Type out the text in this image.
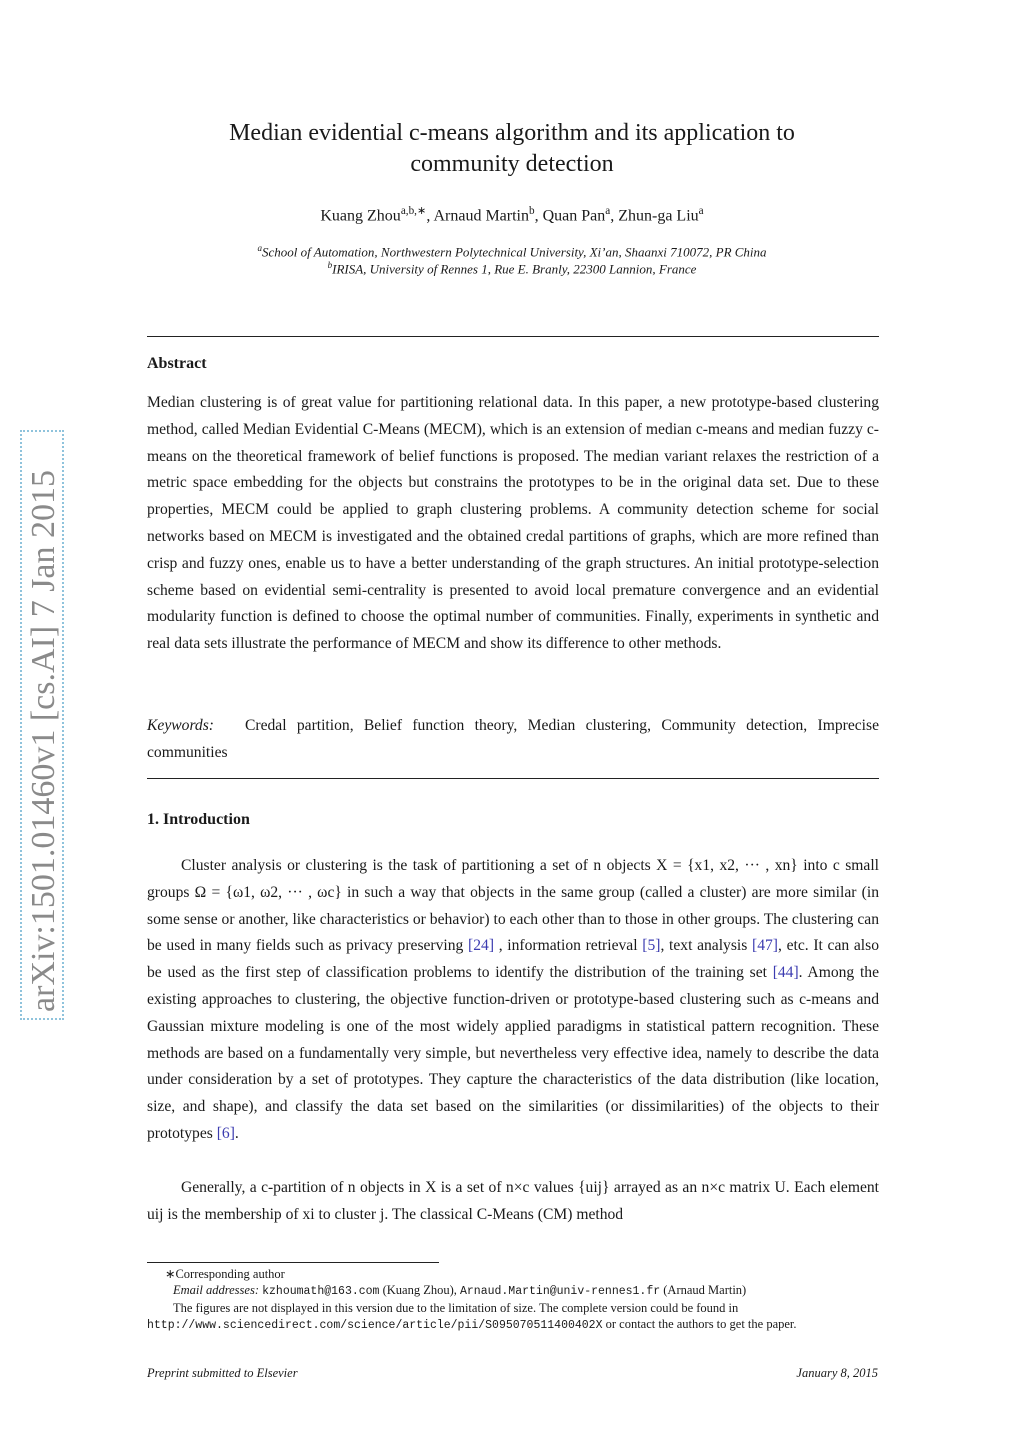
arXiv:1501.01460v1 [cs.AI] 7 Jan 2015

Median evidential c-means algorithm and its application to

community detection

Kuang Zhou$^{a,b,∗}$, Arnaud Martin$^b$, Quan Pan$^a$, Zhun-ga Liu$^a$
$^a$School of Automation, Northwestern Polytechnical University, Xi’an, Shaanxi 710072, PR China
$^b$IRISA, University of Rennes 1, Rue E. Branly, 22300 Lannion, France
Abstract

Median clustering is of great value for partitioning relational data. In this paper, a new prototype-based clustering method, called Median Evidential C-Means (MECM), which is an extension of median c-means and median fuzzy c-means on the theoretical framework of belief functions is proposed. The median variant relaxes the restriction of a metric space embedding for the objects but constrains the prototypes to be in the original data set. Due to these properties, MECM could be applied to graph clustering problems. A community detection scheme for social networks based on MECM is investigated and the obtained credal partitions of graphs, which are more refined than crisp and fuzzy ones, enable us to have a better understanding of the graph structures. An initial prototype-selection scheme based on evidential semi-centrality is presented to avoid local premature convergence and an evidential modularity function is defined to choose the optimal number of communities. Finally, experiments in synthetic and real data sets illustrate the performance of MECM and show its difference to other methods.

Keywords: Credal partition, Belief function theory, Median clustering, Community detection, Imprecise communities

1. Introduction

Cluster analysis or clustering is the task of partitioning a set of n objects X = {x1, x2, ··· , xn} into c small groups Ω = {ω1, ω2, ··· , ωc} in such a way that objects in the same group (called a cluster) are more similar (in some sense or another, like characteristics or behavior) to each other than to those in other groups. The clustering can be used in many fields such as privacy preserving [24] , information retrieval [5], text analysis [47], etc. It can also be used as the first step of classification problems to identify the distribution of the training set [44]. Among the existing approaches to clustering, the objective function-driven or prototype-based clustering such as c-means and Gaussian mixture modeling is one of the most widely applied paradigms in statistical pattern recognition. These methods are based on a fundamentally very simple, but nevertheless very effective idea, namely to describe the data under consideration by a set of prototypes. They capture the characteristics of the data distribution (like location, size, and shape), and classify the data set based on the similarities (or dissimilarities) of the objects to their prototypes [6].

Generally, a c-partition of n objects in X is a set of n×c values {uij} arrayed as an n×c matrix U. Each element uij is the membership of xi to cluster j. The classical C-Means (CM) method

∗Corresponding author

Email addresses: kzhoumath@163.com (Kuang Zhou), Arnaud.Martin@univ-rennes1.fr (Arnaud Martin)

The figures are not displayed in this version due to the limitation of size. The complete version could be found in

http://www.sciencedirect.com/science/article/pii/S095070511400402X or contact the authors to get the paper.

Preprint submitted to Elsevier	January 8, 2015
